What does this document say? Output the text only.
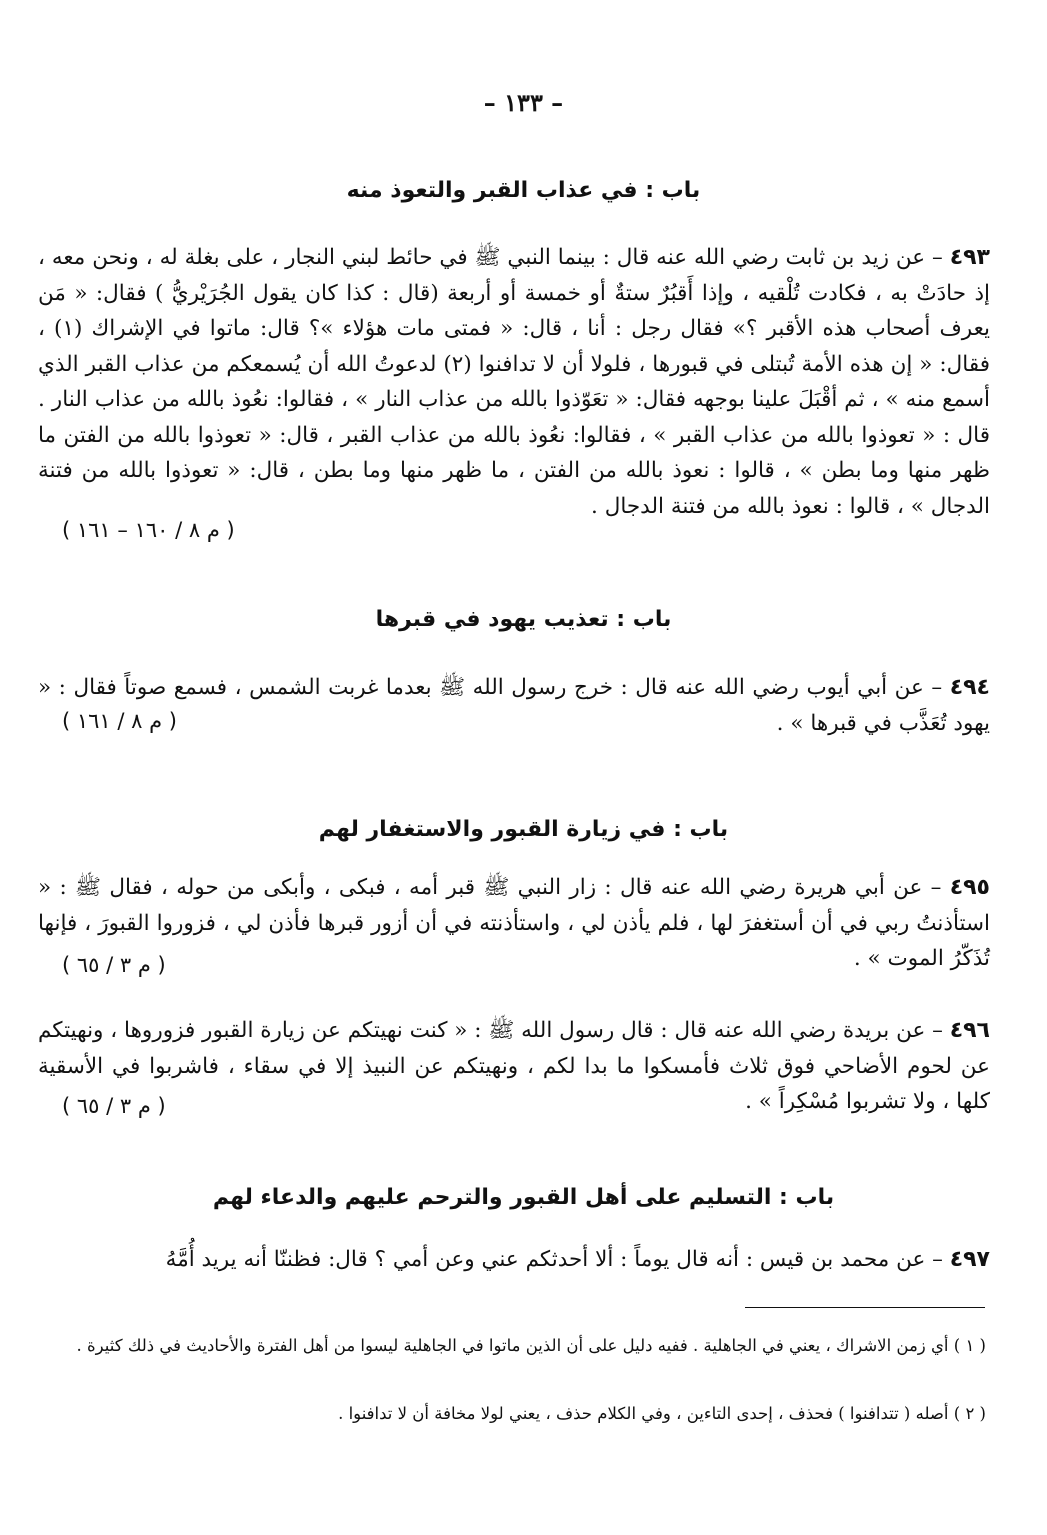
– ١٣٣ –
باب : في عذاب القبر والتعوذ منه
٤٩٣ – عن زيد بن ثابت رضي الله عنه قال : بينما النبي ﷺ في حائط لبني النجار ، على بغلة له ، ونحن معه ، إذ حادَتْ به ، فكادت تُلْقيه ، وإذا أَقبُرٌ ستةٌ أو خمسة أو أربعة (قال : كذا كان يقول الجُرَيْريُّ ) فقال: « مَن يعرف أصحاب هذه الأقبر ؟» فقال رجل : أنا ، قال: « فمتى مات هؤلاء »؟ قال: ماتوا في الإشراك (١) ، فقال: « إن هذه الأمة تُبتلى في قبورها ، فلولا أن لا تدافنوا (٢) لدعوتُ الله أن يُسمعكم من عذاب القبر الذي أسمع منه » ، ثم أقْبَلَ علينا بوجهه فقال: « تعَوّذوا بالله من عذاب النار » ، فقالوا: نعُوذ بالله من عذاب النار . قال : « تعوذوا بالله من عذاب القبر » ، فقالوا: نعُوذ بالله من عذاب القبر ، قال: « تعوذوا بالله من الفتن ما ظهر منها وما بطن » ، قالوا : نعوذ بالله من الفتن ، ما ظهر منها وما بطن ، قال: « تعوذوا بالله من فتنة الدجال » ، قالوا : نعوذ بالله من فتنة الدجال .
( م ٨ / ١٦٠ – ١٦١ )
باب : تعذيب يهود في قبرها
٤٩٤ – عن أبي أيوب رضي الله عنه قال : خرج رسول الله ﷺ بعدما غربت الشمس ، فسمع صوتاً فقال : « يهود تُعَذَّب في قبرها » .
( م ٨ / ١٦١ )
باب : في زيارة القبور والاستغفار لهم
٤٩٥ – عن أبي هريرة رضي الله عنه قال : زار النبي ﷺ قبر أمه ، فبكى ، وأبكى من حوله ، فقال ﷺ : « استأذنتُ ربي في أن أستغفرَ لها ، فلم يأذن لي ، واستأذنته في أن أزور قبرها فأذن لي ، فزوروا القبورَ ، فإنها تُذَكّرُ الموت » .
( م ٣ / ٦٥ )
٤٩٦ – عن بريدة رضي الله عنه قال : قال رسول الله ﷺ : « كنت نهيتكم عن زيارة القبور فزوروها ، ونهيتكم عن لحوم الأضاحي فوق ثلاث فأمسكوا ما بدا لكم ، ونهيتكم عن النبيذ إلا في سقاء ، فاشربوا في الأسقية كلها ، ولا تشربوا مُسْكِراً » .
( م ٣ / ٦٥ )
باب : التسليم على أهل القبور والترحم عليهم والدعاء لهم
٤٩٧ – عن محمد بن قيس : أنه قال يوماً : ألا أحدثكم عني وعن أمي ؟ قال: فظننّا أنه يريد أُمَّهُ
( ١ ) أي زمن الاشراك ، يعني في الجاهلية . ففيه دليل على أن الذين ماتوا في الجاهلية ليسوا من أهل الفترة والأحاديث في ذلك كثيرة .
( ٢ ) أصله ( تتدافنوا ) فحذف ، إحدى التاءين ، وفي الكلام حذف ، يعني لولا مخافة أن لا تدافنوا .
